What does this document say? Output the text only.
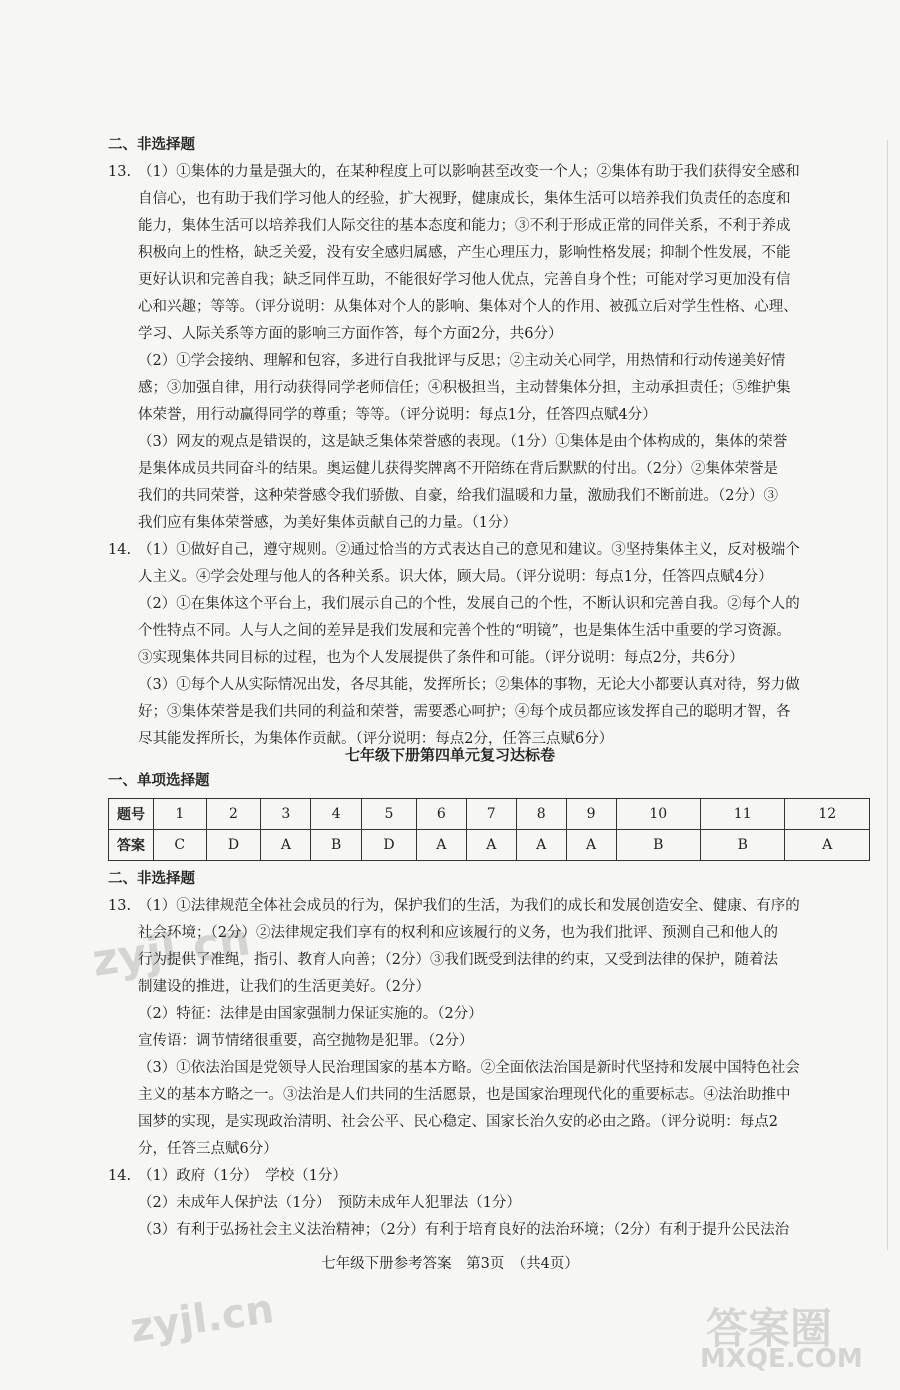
二、非选择题
13. （1）①集体的力量是强大的，在某种程度上可以影响甚至改变一个人；②集体有助于我们获得安全感和
自信心，也有助于我们学习他人的经验，扩大视野，健康成长，集体生活可以培养我们负责任的态度和
能力，集体生活可以培养我们人际交往的基本态度和能力；③不利于形成正常的同伴关系，不利于养成
积极向上的性格，缺乏关爱，没有安全感归属感，产生心理压力，影响性格发展；抑制个性发展，不能
更好认识和完善自我；缺乏同伴互助，不能很好学习他人优点，完善自身个性；可能对学习更加没有信
心和兴趣；等等。（评分说明：从集体对个人的影响、集体对个人的作用、被孤立后对学生性格、心理、
学习、人际关系等方面的影响三方面作答，每个方面2分，共6分）
（2）①学会接纳、理解和包容，多进行自我批评与反思；②主动关心同学，用热情和行动传递美好情
感；③加强自律，用行动获得同学老师信任；④积极担当，主动替集体分担，主动承担责任；⑤维护集
体荣誉，用行动赢得同学的尊重；等等。（评分说明：每点1分，任答四点赋4分）
（3）网友的观点是错误的，这是缺乏集体荣誉感的表现。（1分）①集体是由个体构成的，集体的荣誉
是集体成员共同奋斗的结果。奥运健儿获得奖牌离不开陪练在背后默默的付出。（2分）②集体荣誉是
我们的共同荣誉，这种荣誉感令我们骄傲、自豪，给我们温暖和力量，激励我们不断前进。（2分）③
我们应有集体荣誉感，为美好集体贡献自己的力量。（1分）
14. （1）①做好自己，遵守规则。②通过恰当的方式表达自己的意见和建议。③坚持集体主义，反对极端个
人主义。④学会处理与他人的各种关系。识大体，顾大局。（评分说明：每点1分，任答四点赋4分）
（2）①在集体这个平台上，我们展示自己的个性，发展自己的个性，不断认识和完善自我。②每个人的
个性特点不同。人与人之间的差异是我们发展和完善个性的“明镜”，也是集体生活中重要的学习资源。
③实现集体共同目标的过程，也为个人发展提供了条件和可能。（评分说明：每点2分，共6分）
（3）①每个人从实际情况出发，各尽其能，发挥所长；②集体的事物，无论大小都要认真对待，努力做
好；③集体荣誉是我们共同的利益和荣誉，需要悉心呵护；④每个成员都应该发挥自己的聪明才智，各
尽其能发挥所长，为集体作贡献。（评分说明：每点2分，任答三点赋6分）
七年级下册第四单元复习达标卷
一、单项选择题
题号	1	2	3	4	5	6	7	8	9	10	11	12
答案	C	D	A	B	D	A	A	A	A	B	B	A
二、非选择题
13. （1）①法律规范全体社会成员的行为，保护我们的生活，为我们的成长和发展创造安全、健康、有序的
社会环境；（2分）②法律规定我们享有的权利和应该履行的义务，也为我们批评、预测自己和他人的
行为提供了准绳，指引、教育人向善；（2分）③我们既受到法律的约束，又受到法律的保护，随着法
制建设的推进，让我们的生活更美好。（2分）
（2）特征：法律是由国家强制力保证实施的。（2分）
宣传语：调节情绪很重要，高空抛物是犯罪。（2分）
（3）①依法治国是党领导人民治理国家的基本方略。②全面依法治国是新时代坚持和发展中国特色社会
主义的基本方略之一。③法治是人们共同的生活愿景，也是国家治理现代化的重要标志。④法治助推中
国梦的实现，是实现政治清明、社会公平、民心稳定、国家长治久安的必由之路。（评分说明：每点2
分，任答三点赋6分）
14. （1）政府（1分）　学校（1分）
（2）未成年人保护法（1分）　预防未成年人犯罪法（1分）
（3）有利于弘扬社会主义法治精神；（2分）有利于培育良好的法治环境；（2分）有利于提升公民法治
七年级下册参考答案　第3页　（共4页）
zyjl.cn
zyjl.cn	答案圈
MXQE.COM
